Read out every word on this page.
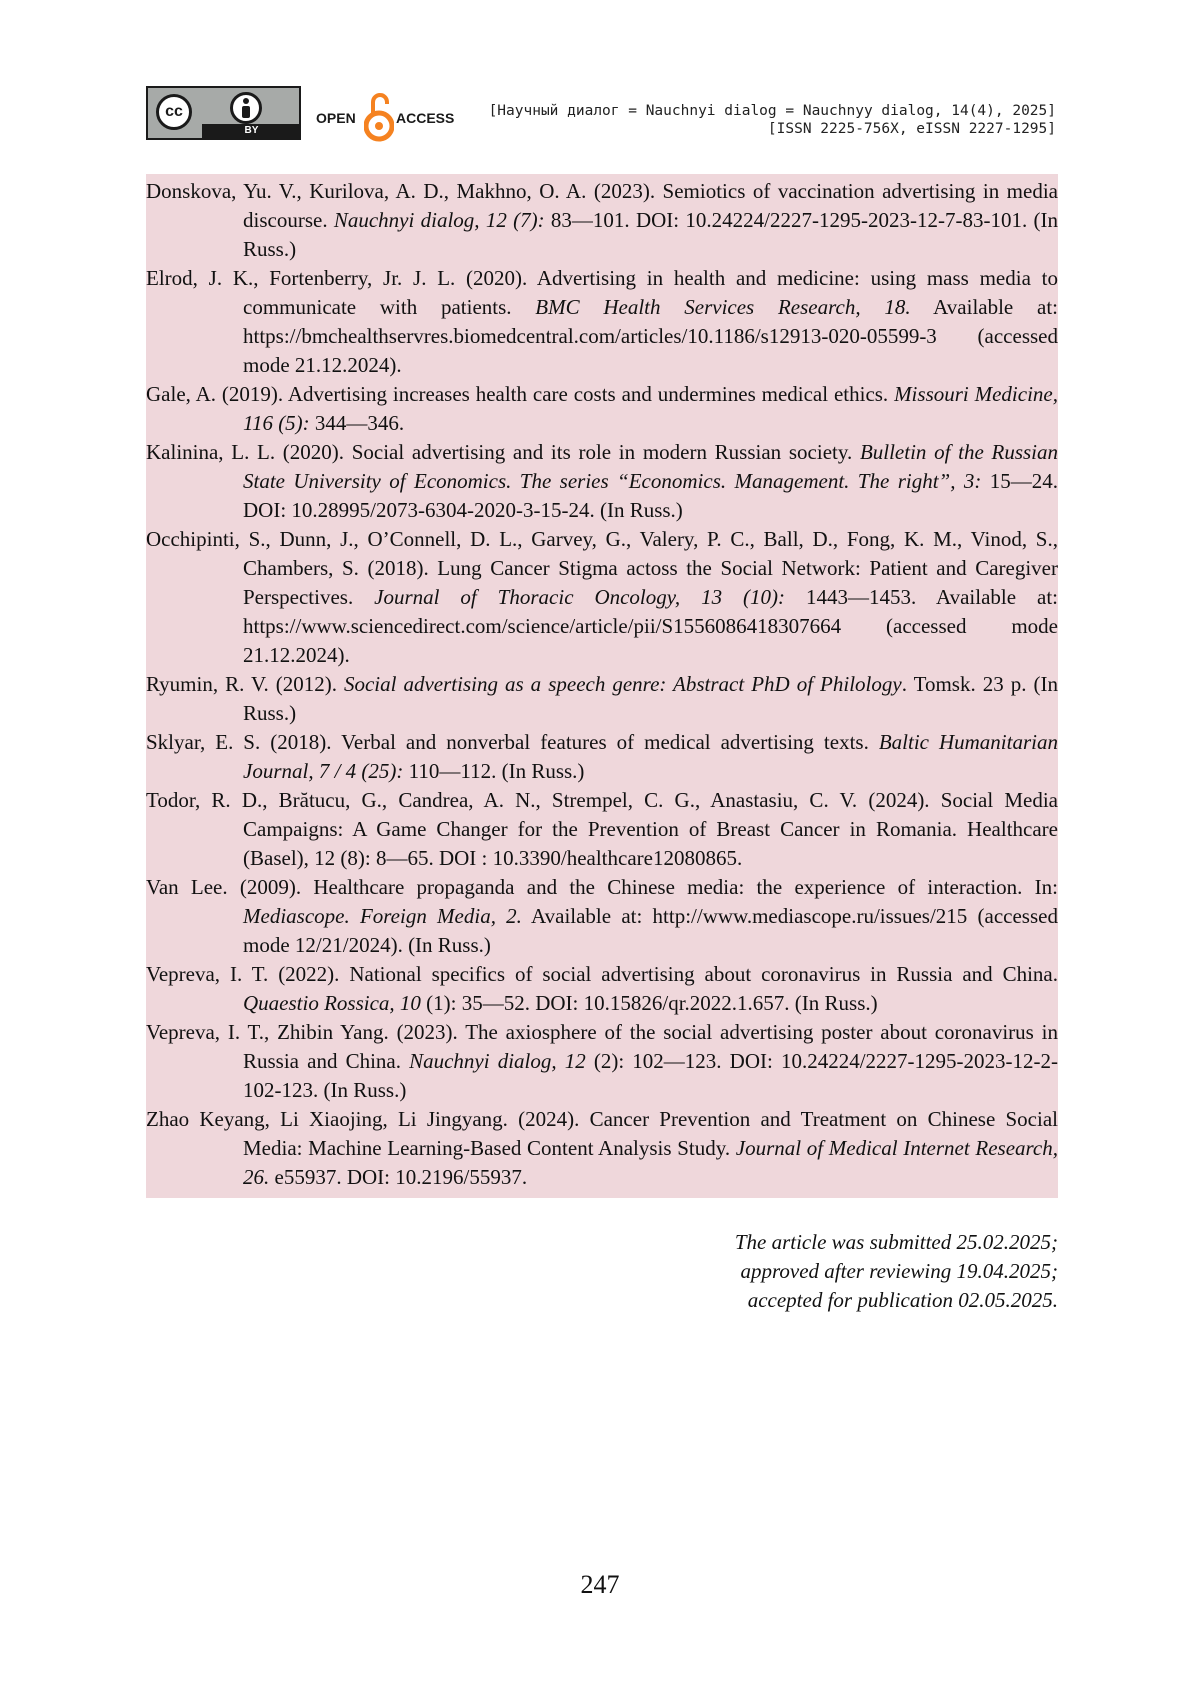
cc
BY
OPEN	ACCESS [Научный диалог = Nauchnyi dialog = Nauchnyy dialog, 14(4), 2025]
[ISSN 2225-756X, eISSN 2227-1295]

Donskova, Yu. V., Kurilova, A. D., Makhno, O. A. (2023). Semiotics of vaccination advertising in media discourse. Nauchnyi dialog, 12 (7): 83—101. DOI: 10.24224/2227-1295-2023-12-7-83-101. (In Russ.)

Elrod, J. K., Fortenberry, Jr. J. L. (2020). Advertising in health and medicine: using mass media to communicate with patients. BMC Health Services Research, 18. Available at: https://bmchealthservres.biomedcentral.com/articles/10.1186/s12913-020-05599-3 (accessed mode 21.12.2024).

Gale, A. (2019). Advertising increases health care costs and undermines medical ethics. Missouri Medicine, 116 (5): 344—346.

Kalinina, L. L. (2020). Social advertising and its role in modern Russian society. Bulletin of the Russian State University of Economics. The series “Economics. Management. The right”, 3: 15—24. DOI: 10.28995/2073-6304-2020-3-15-24. (In Russ.)

Occhipinti, S., Dunn, J., O’Connell, D. L., Garvey, G., Valery, P. C., Ball, D., Fong, K. M., Vinod, S., Chambers, S. (2018). Lung Cancer Stigma actoss the Social Network: Patient and Caregiver Perspectives. Journal of Thoracic Oncology, 13 (10): 1443—1453. Available at: https://www.sciencedirect.com/science/article/pii/S1556086418307664 (accessed mode 21.12.2024).

Ryumin, R. V. (2012). Social advertising as a speech genre: Abstract PhD of Philology. Tomsk. 23 p. (In Russ.)

Sklyar, E. S. (2018). Verbal and nonverbal features of medical advertising texts. Baltic Humanitarian Journal, 7 / 4 (25): 110—112. (In Russ.)

Todor, R. D., Brătucu, G., Candrea, A. N., Strempel, C. G., Anastasiu, C. V. (2024). Social Media Campaigns: A Game Changer for the Prevention of Breast Cancer in Romania. Healthcare (Basel), 12 (8): 8—65. DOI : 10.3390/healthcare12080865.

Van Lee. (2009). Healthcare propaganda and the Chinese media: the experience of interaction. In: Mediascope. Foreign Media, 2. Available at: http://www.mediascope.ru/issues/215 (accessed mode 12/21/2024). (In Russ.)

Vepreva, I. T. (2022). National specifics of social advertising about coronavirus in Russia and China. Quaestio Rossica, 10 (1): 35—52. DOI: 10.15826/qr.2022.1.657. (In Russ.)

Vepreva, I. T., Zhibin Yang. (2023). The axiosphere of the social advertising poster about coronavirus in Russia and China. Nauchnyi dialog, 12 (2): 102—123. DOI: 10.24224/2227-1295-2023-12-2-102-123. (In Russ.)

Zhao Keyang, Li Xiaojing, Li Jingyang. (2024). Cancer Prevention and Treatment on Chinese Social Media: Machine Learning-Based Content Analysis Study. Journal of Medical Internet Research, 26. e55937. DOI: 10.2196/55937.

The article was submitted 25.02.2025;
approved after reviewing 19.04.2025;
accepted for publication 02.05.2025.
247
